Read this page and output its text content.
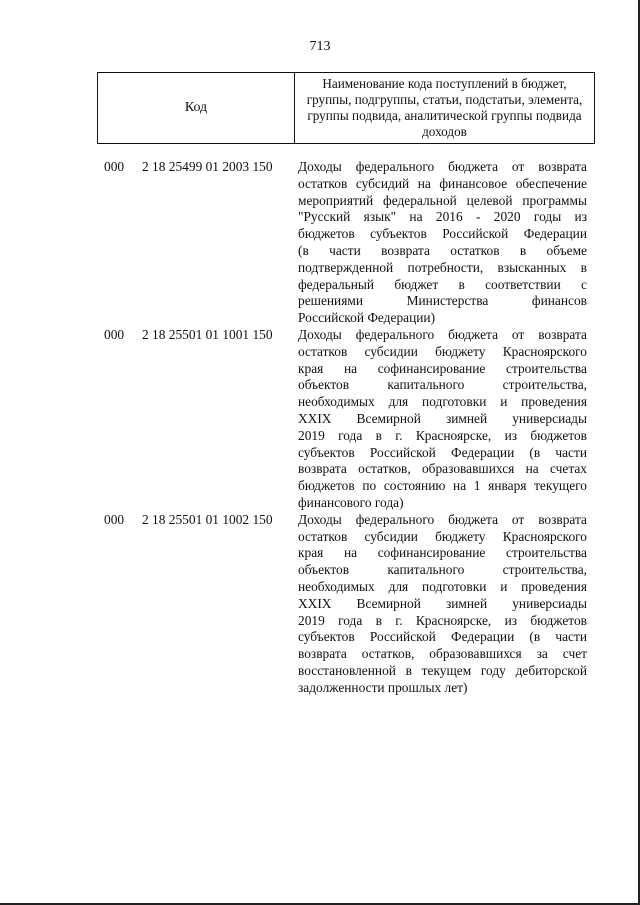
713
Код
Наименование кода поступлений в бюджет, группы, подгруппы, статьи, подстатьи, элемента, группы подвида, аналитической группы подвида доходов
000 2 18 25499 01 2003 150 Доходы федерального бюджета от возврата
остатков субсидий на финансовое обеспечение
мероприятий федеральной целевой программы
"Русский язык" на 2016 - 2020 годы из
бюджетов субъектов Российской Федерации
(в части возврата остатков в объеме
подтвержденной потребности, взысканных в
федеральный бюджет в соответствии с
решениями Министерства финансов
Российской Федерации)
000 2 18 25501 01 1001 150 Доходы федерального бюджета от возврата
остатков субсидии бюджету Красноярского
края на софинансирование строительства
объектов капитального строительства,
необходимых для подготовки и проведения
XXIX Всемирной зимней универсиады
2019 года в г. Красноярске, из бюджетов
субъектов Российской Федерации (в части
возврата остатков, образовавшихся на счетах
бюджетов по состоянию на 1 января текущего
финансового года)
000 2 18 25501 01 1002 150 Доходы федерального бюджета от возврата
остатков субсидии бюджету Красноярского
края на софинансирование строительства
объектов капитального строительства,
необходимых для подготовки и проведения
XXIX Всемирной зимней универсиады
2019 года в г. Красноярске, из бюджетов
субъектов Российской Федерации (в части
возврата остатков, образовавшихся за счет
восстановленной в текущем году дебиторской
задолженности прошлых лет)
